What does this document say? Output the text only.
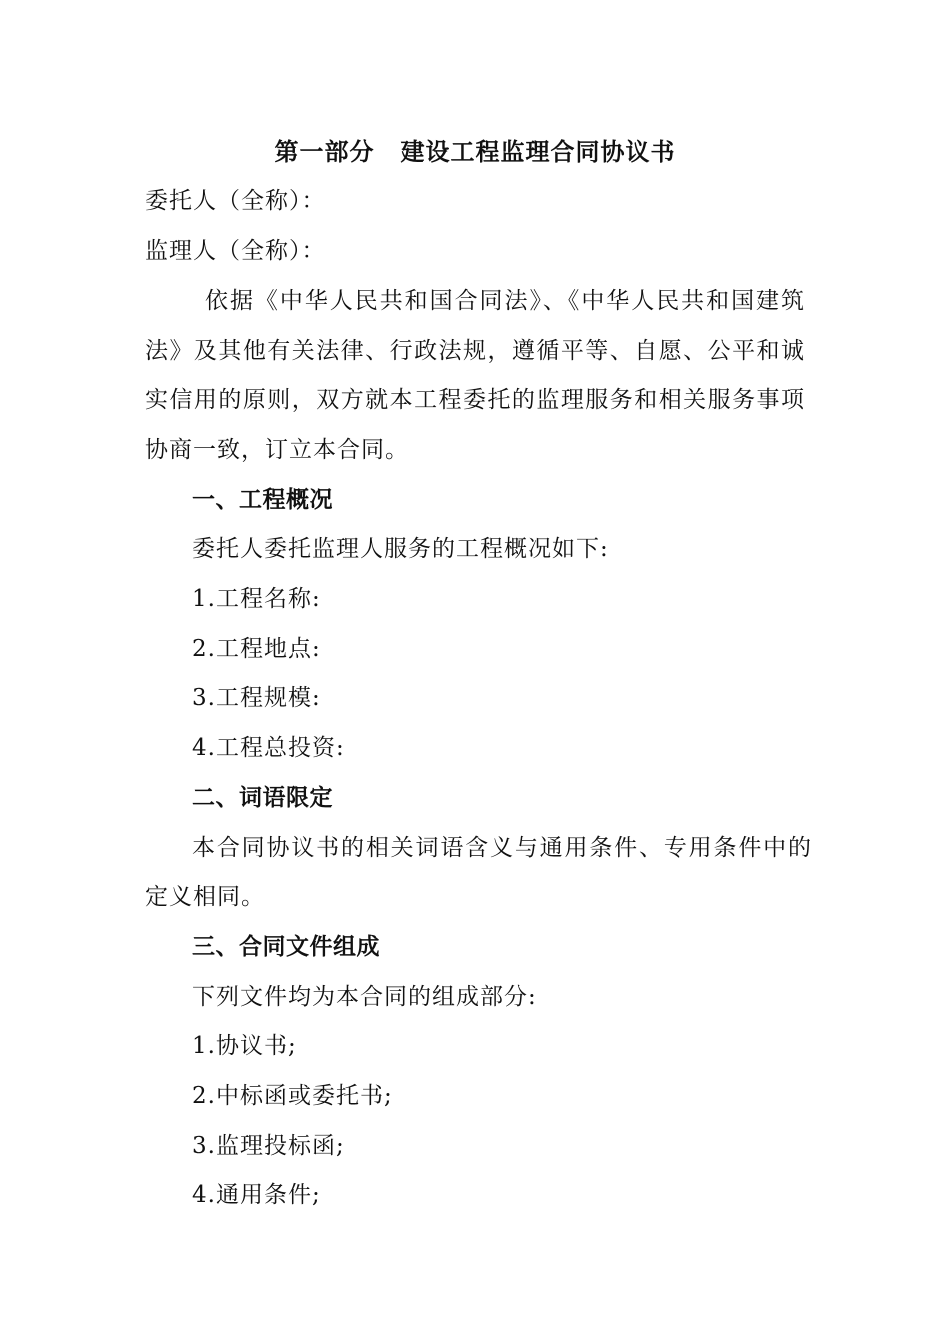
第一部分 建设工程监理合同协议书
委托人（全称）：
监理人（全称）：
依据《中华人民共和国合同法》、《中华人民共和国建筑
法》及其他有关法律、行政法规，遵循平等、自愿、公平和诚
实信用的原则，双方就本工程委托的监理服务和相关服务事项
协商一致，订立本合同。
一、工程概况
委托人委托监理人服务的工程概况如下:
1.工程名称:
2.工程地点:
3.工程规模:
4.工程总投资:
二、词语限定
本合同协议书的相关词语含义与通用条件、专用条件中的
定义相同。
三、合同文件组成
下列文件均为本合同的组成部分:
1.协议书;
2.中标函或委托书;
3.监理投标函;
4.通用条件;
